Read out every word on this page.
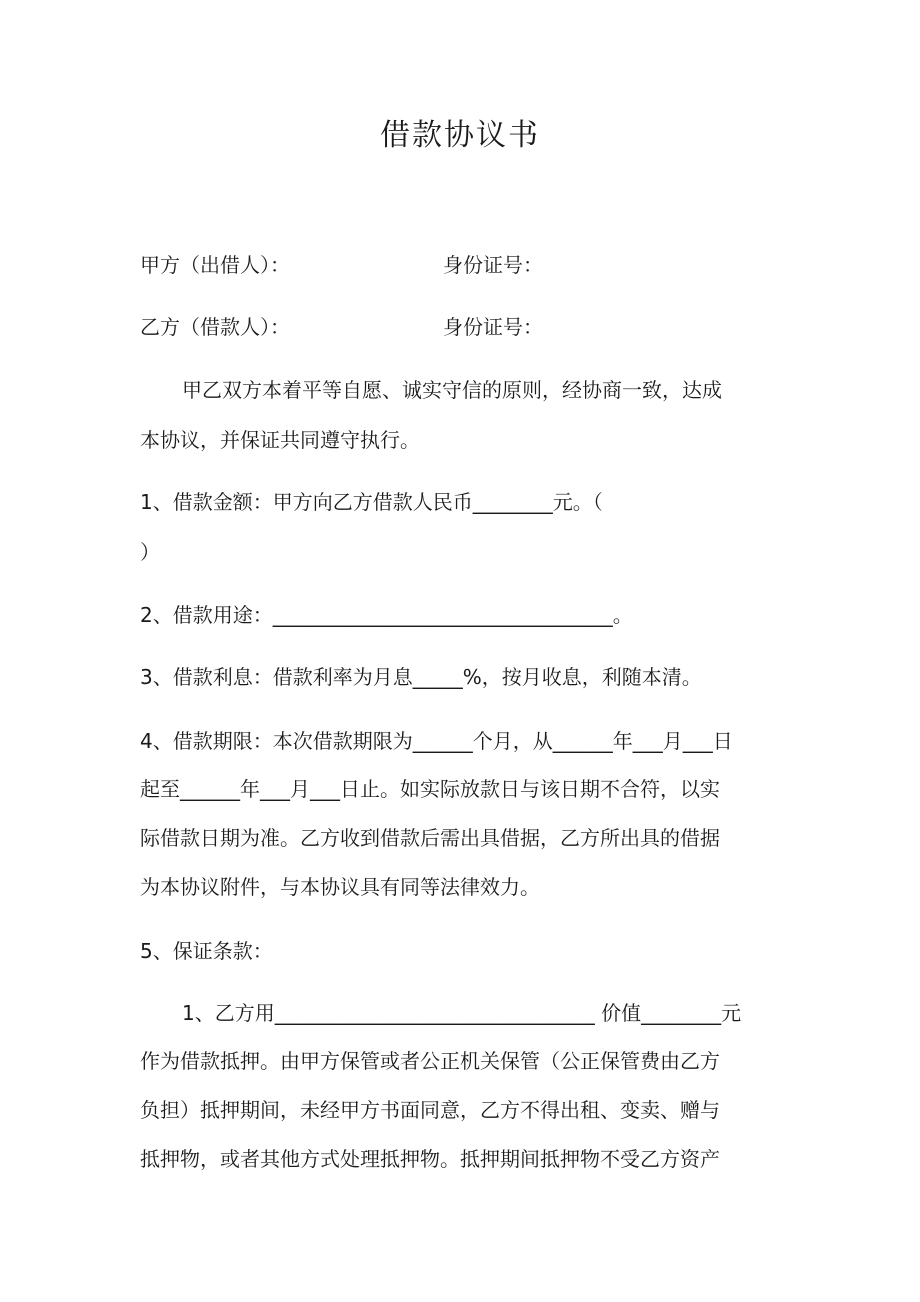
借款协议书
甲方（出借人）：	身份证号：
乙方（借款人）：	身份证号：
甲乙双方本着平等自愿、诚实守信的原则，经协商一致，达成
本协议，并保证共同遵守执行。
1、借款金额：甲方向乙方借款人民币________元。（
）
2、借款用途：__________________________________。
3、借款利息：借款利率为月息_____%，按月收息，利随本清。
4、借款期限：本次借款期限为______个月，从______年___月___日
起至______年___月___日止。如实际放款日与该日期不合符，以实
际借款日期为准。乙方收到借款后需出具借据，乙方所出具的借据
为本协议附件，与本协议具有同等法律效力。
5、保证条款：
1、乙方用________________________________ 价值________元
作为借款抵押。由甲方保管或者公正机关保管（公正保管费由乙方
负担）抵押期间，未经甲方书面同意，乙方不得出租、变卖、赠与
抵押物，或者其他方式处理抵押物。抵押期间抵押物不受乙方资产
